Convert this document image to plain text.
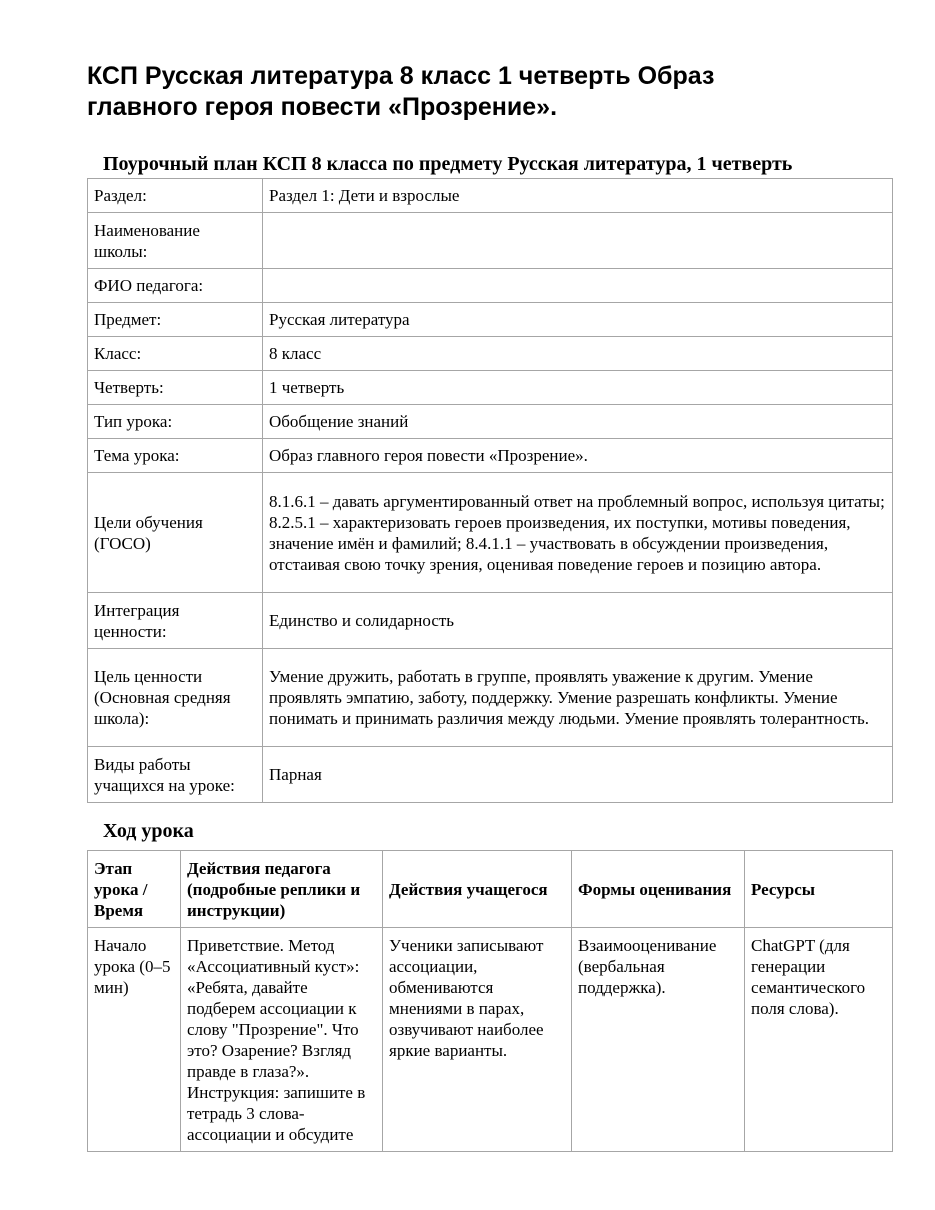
КСП Русская литература 8 класс 1 четверть Образ главного героя повести «Прозрение».
Поурочный план КСП 8 класса по предмету Русская литература, 1 четверть
Раздел:	Раздел 1: Дети и взрослые
Наименование школы:	
ФИО педагога:	
Предмет:	Русская литература
Класс:	8 класс
Четверть:	1 четверть
Тип урока:	Обобщение знаний
Тема урока:	Образ главного героя повести «Прозрение».
Цели обучения (ГОСО)	8.1.6.1 – давать аргументированный ответ на проблемный вопрос, используя цитаты; 8.2.5.1 – характеризовать героев произведения, их поступки, мотивы поведения, значение имён и фамилий; 8.4.1.1 – участвовать в обсуждении произведения, отстаивая свою точку зрения, оценивая поведение героев и позицию автора.
Интеграция ценности:	Единство и солидарность
Цель ценности (Основная средняя школа):	Умение дружить, работать в группе, проявлять уважение к другим. Умение проявлять эмпатию, заботу, поддержку. Умение разрешать конфликты. Умение понимать и принимать различия между людьми. Умение проявлять толерантность.
Виды работы учащихся на уроке:	Парная
Ход урока
Этап урока / Время	Действия педагога (подробные реплики и инструкции)	Действия учащегося	Формы оценивания	Ресурсы
Начало урока (0–5 мин)	Приветствие. Метод «Ассоциативный куст»: «Ребята, давайте подберем ассоциации к слову "Прозрение". Что это? Озарение? Взгляд правде в глаза?». Инструкция: запишите в тетрадь 3 слова-ассоциации и обсудите	Ученики записывают ассоциации, обмениваются мнениями в парах, озвучивают наиболее яркие варианты.	Взаимооценивание (вербальная поддержка).	ChatGPT (для генерации семантического поля слова).
